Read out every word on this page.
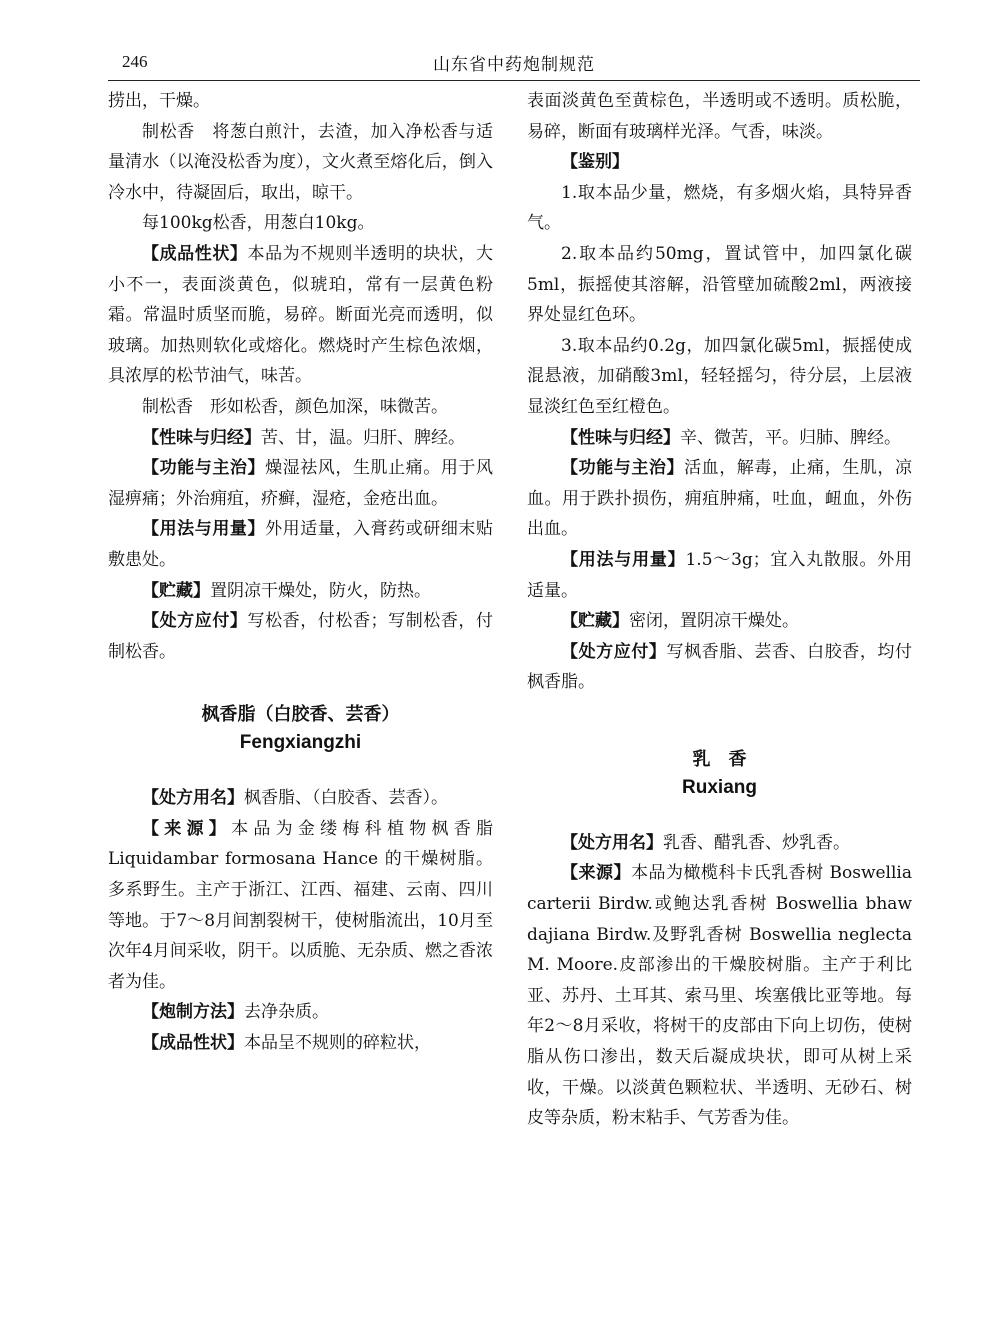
246	山东省中药炮制规范

捞出，干燥。

制松香　将葱白煎汁，去渣，加入净松香与适量清水（以淹没松香为度），文火煮至熔化后，倒入冷水中，待凝固后，取出，晾干。

每100kg松香，用葱白10kg。

【成品性状】本品为不规则半透明的块状，大小不一，表面淡黄色，似琥珀，常有一层黄色粉霜。常温时质坚而脆，易碎。断面光亮而透明，似玻璃。加热则软化或熔化。燃烧时产生棕色浓烟，具浓厚的松节油气，味苦。

制松香　形如松香，颜色加深，味微苦。

【性味与归经】苦、甘，温。归肝、脾经。

【功能与主治】燥湿祛风，生肌止痛。用于风湿痹痛；外治痈疽，疥癣，湿疮，金疮出血。

【用法与用量】外用适量，入膏药或研细末贴敷患处。

【贮藏】置阴凉干燥处，防火，防热。

【处方应付】写松香，付松香；写制松香，付制松香。

枫香脂（白胶香、芸香）
Fengxiangzhi

【处方用名】枫香脂、（白胶香、芸香）。

【来源】本品为金缕梅科植物枫香脂 Liquidambar formosana Hance 的干燥树脂。多系野生。主产于浙江、江西、福建、云南、四川等地。于7～8月间割裂树干，使树脂流出，10月至次年4月间采收，阴干。以质脆、无杂质、燃之香浓者为佳。

【炮制方法】去净杂质。

【成品性状】本品呈不规则的碎粒状，

表面淡黄色至黄棕色，半透明或不透明。质松脆，易碎，断面有玻璃样光泽。气香，味淡。

【鉴别】

1.取本品少量，燃烧，有多烟火焰，具特异香气。

2.取本品约50mg，置试管中，加四氯化碳5ml，振摇使其溶解，沿管壁加硫酸2ml，两液接界处显红色环。

3.取本品约0.2g，加四氯化碳5ml，振摇使成混悬液，加硝酸3ml，轻轻摇匀，待分层，上层液显淡红色至红橙色。

【性味与归经】辛、微苦，平。归肺、脾经。

【功能与主治】活血，解毒，止痛，生肌，凉血。用于跌扑损伤，痈疽肿痛，吐血，衄血，外伤出血。

【用法与用量】1.5～3g；宜入丸散服。外用适量。

【贮藏】密闭，置阴凉干燥处。

【处方应付】写枫香脂、芸香、白胶香，均付枫香脂。

乳　香
Ruxiang

【处方用名】乳香、醋乳香、炒乳香。

【来源】本品为橄榄科卡氏乳香树 Boswellia carterii Birdw.或鲍达乳香树 Boswellia bhaw dajiana Birdw.及野乳香树 Boswellia neglecta M. Moore.皮部渗出的干燥胶树脂。主产于利比亚、苏丹、土耳其、索马里、埃塞俄比亚等地。每年2～8月采收，将树干的皮部由下向上切伤，使树脂从伤口渗出，数天后凝成块状，即可从树上采收，干燥。以淡黄色颗粒状、半透明、无砂石、树皮等杂质，粉末粘手、气芳香为佳。
